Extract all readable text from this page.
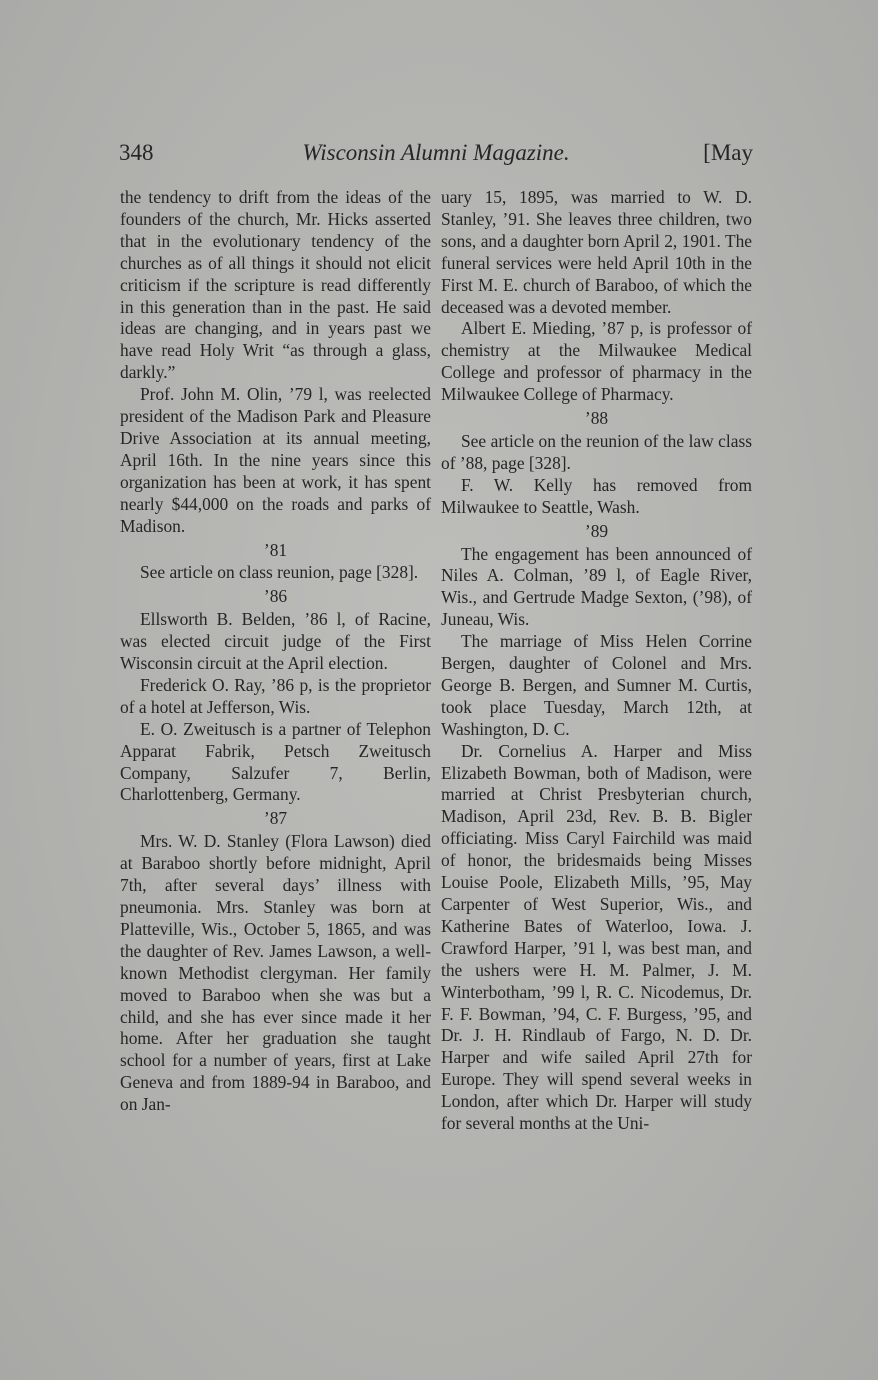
348	Wisconsin Alumni Magazine.	[May

the tendency to drift from the ideas of the founders of the church, Mr. Hicks asserted that in the evolutionary tendency of the churches as of all things it should not elicit criticism if the scripture is read differently in this generation than in the past. He said ideas are changing, and in years past we have read Holy Writ “as through a glass, darkly.”

Prof. John M. Olin, ’79 l, was reelected president of the Madison Park and Pleasure Drive Association at its annual meeting, April 16th. In the nine years since this organization has been at work, it has spent nearly $44,000 on the roads and parks of Madison.

’81

See article on class reunion, page [328].

’86

Ellsworth B. Belden, ’86 l, of Racine, was elected circuit judge of the First Wisconsin circuit at the April election.

Frederick O. Ray, ’86 p, is the proprietor of a hotel at Jefferson, Wis.

E. O. Zweitusch is a partner of Telephon Apparat Fabrik, Petsch Zweitusch Company, Salzufer 7, Berlin, Charlottenberg, Germany.

’87

Mrs. W. D. Stanley (Flora Lawson) died at Baraboo shortly before midnight, April 7th, after several days’ illness with pneumonia. Mrs. Stanley was born at Platteville, Wis., October 5, 1865, and was the daughter of Rev. James Lawson, a well-known Methodist clergyman. Her family moved to Baraboo when she was but a child, and she has ever since made it her home. After her graduation she taught school for a number of years, first at Lake Geneva and from 1889-94 in Baraboo, and on Jan-

uary 15, 1895, was married to W. D. Stanley, ’91. She leaves three children, two sons, and a daughter born April 2, 1901. The funeral services were held April 10th in the First M. E. church of Baraboo, of which the deceased was a devoted member.

Albert E. Mieding, ’87 p, is professor of chemistry at the Milwaukee Medical College and professor of pharmacy in the Milwaukee College of Pharmacy.

’88

See article on the reunion of the law class of ’88, page [328].

F. W. Kelly has removed from Milwaukee to Seattle, Wash.

’89

The engagement has been announced of Niles A. Colman, ’89 l, of Eagle River, Wis., and Gertrude Madge Sexton, (’98), of Juneau, Wis.

The marriage of Miss Helen Corrine Bergen, daughter of Colonel and Mrs. George B. Bergen, and Sumner M. Curtis, took place Tuesday, March 12th, at Washington, D. C.

Dr. Cornelius A. Harper and Miss Elizabeth Bowman, both of Madison, were married at Christ Presbyterian church, Madison, April 23d, Rev. B. B. Bigler officiating. Miss Caryl Fairchild was maid of honor, the bridesmaids being Misses Louise Poole, Elizabeth Mills, ’95, May Carpenter of West Superior, Wis., and Katherine Bates of Waterloo, Iowa. J. Crawford Harper, ’91 l, was best man, and the ushers were H. M. Palmer, J. M. Winterbotham, ’99 l, R. C. Nicodemus, Dr. F. F. Bowman, ’94, C. F. Burgess, ’95, and Dr. J. H. Rindlaub of Fargo, N. D. Dr. Harper and wife sailed April 27th for Europe. They will spend several weeks in London, after which Dr. Harper will study for several months at the Uni-
